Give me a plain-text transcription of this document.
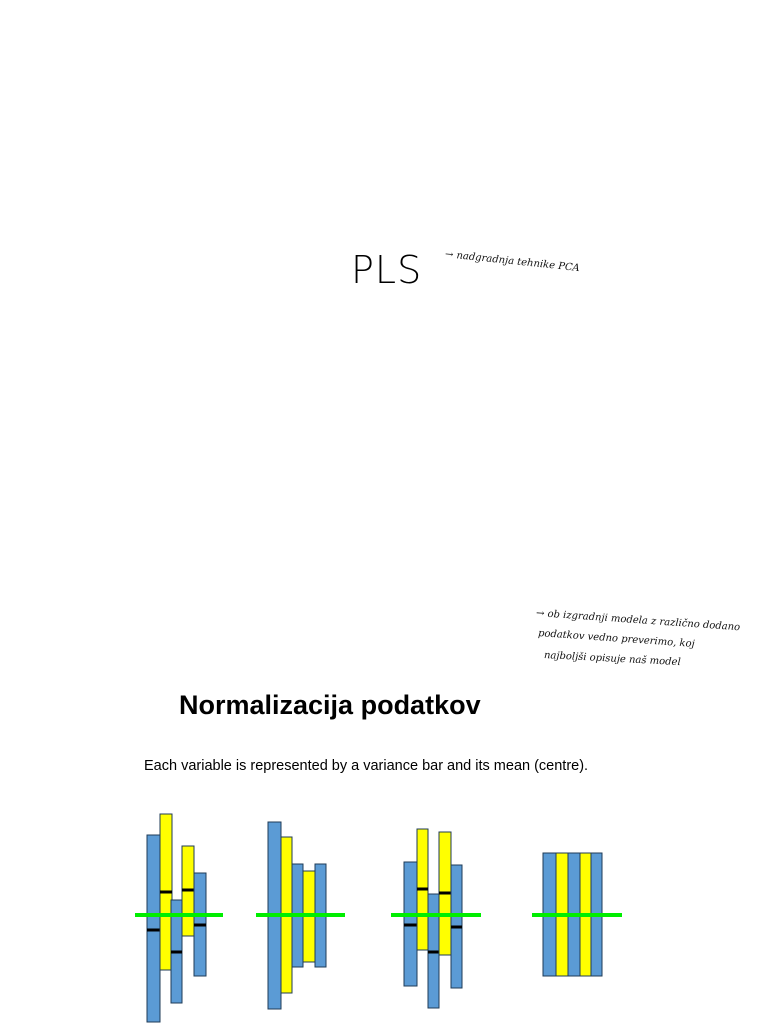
PLS → nadgradnja tehnike PCA

→ ob izgradnji modela z različno dodano

podatkov vedno preverimo, koj

najboljši opisuje naš model

Normalizacija podatkov

Each variable is represented by a variance bar and its mean (centre).
